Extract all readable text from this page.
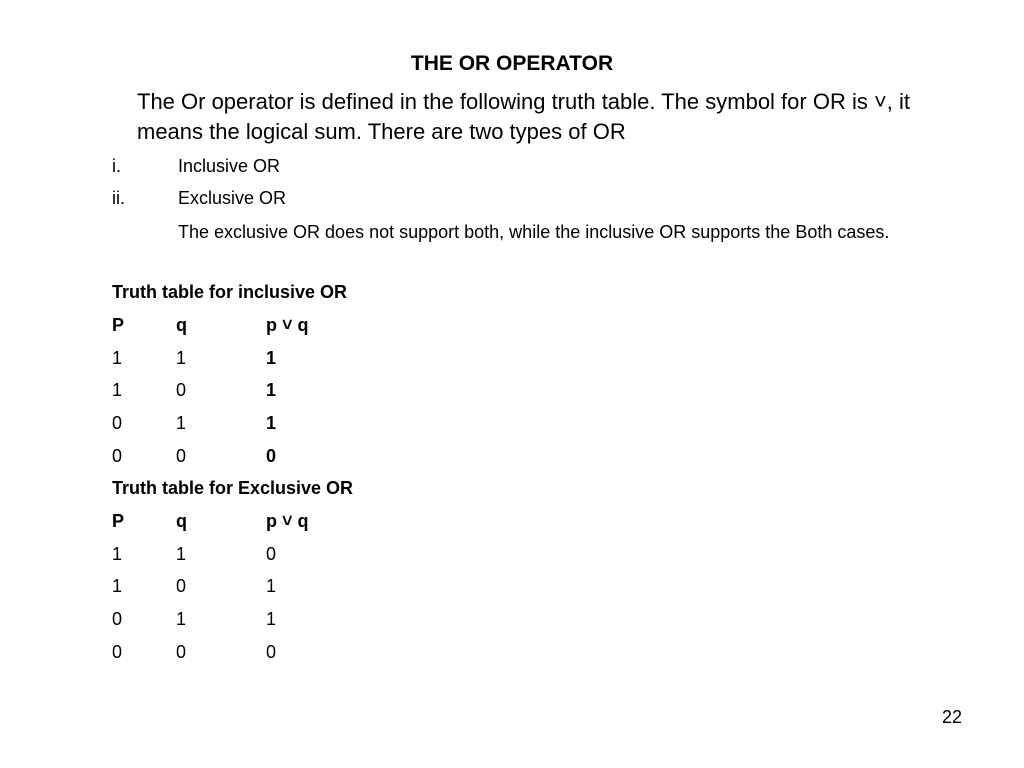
THE OR OPERATOR

The Or operator is defined in the following truth table. The symbol for OR is ˅, it means the logical sum. There are two types of OR

i.	Inclusive OR
ii.	Exclusive OR

The exclusive OR does not support both, while the inclusive OR supports the Both cases.

Truth table for inclusive OR
P	q	p ˅ q
1	1	1
1	0	1
0	1	1
0	0	0
Truth table for Exclusive OR
P	q	p ˅ q
1	1	0
1	0	1
0	1	1
0	0	0
22
